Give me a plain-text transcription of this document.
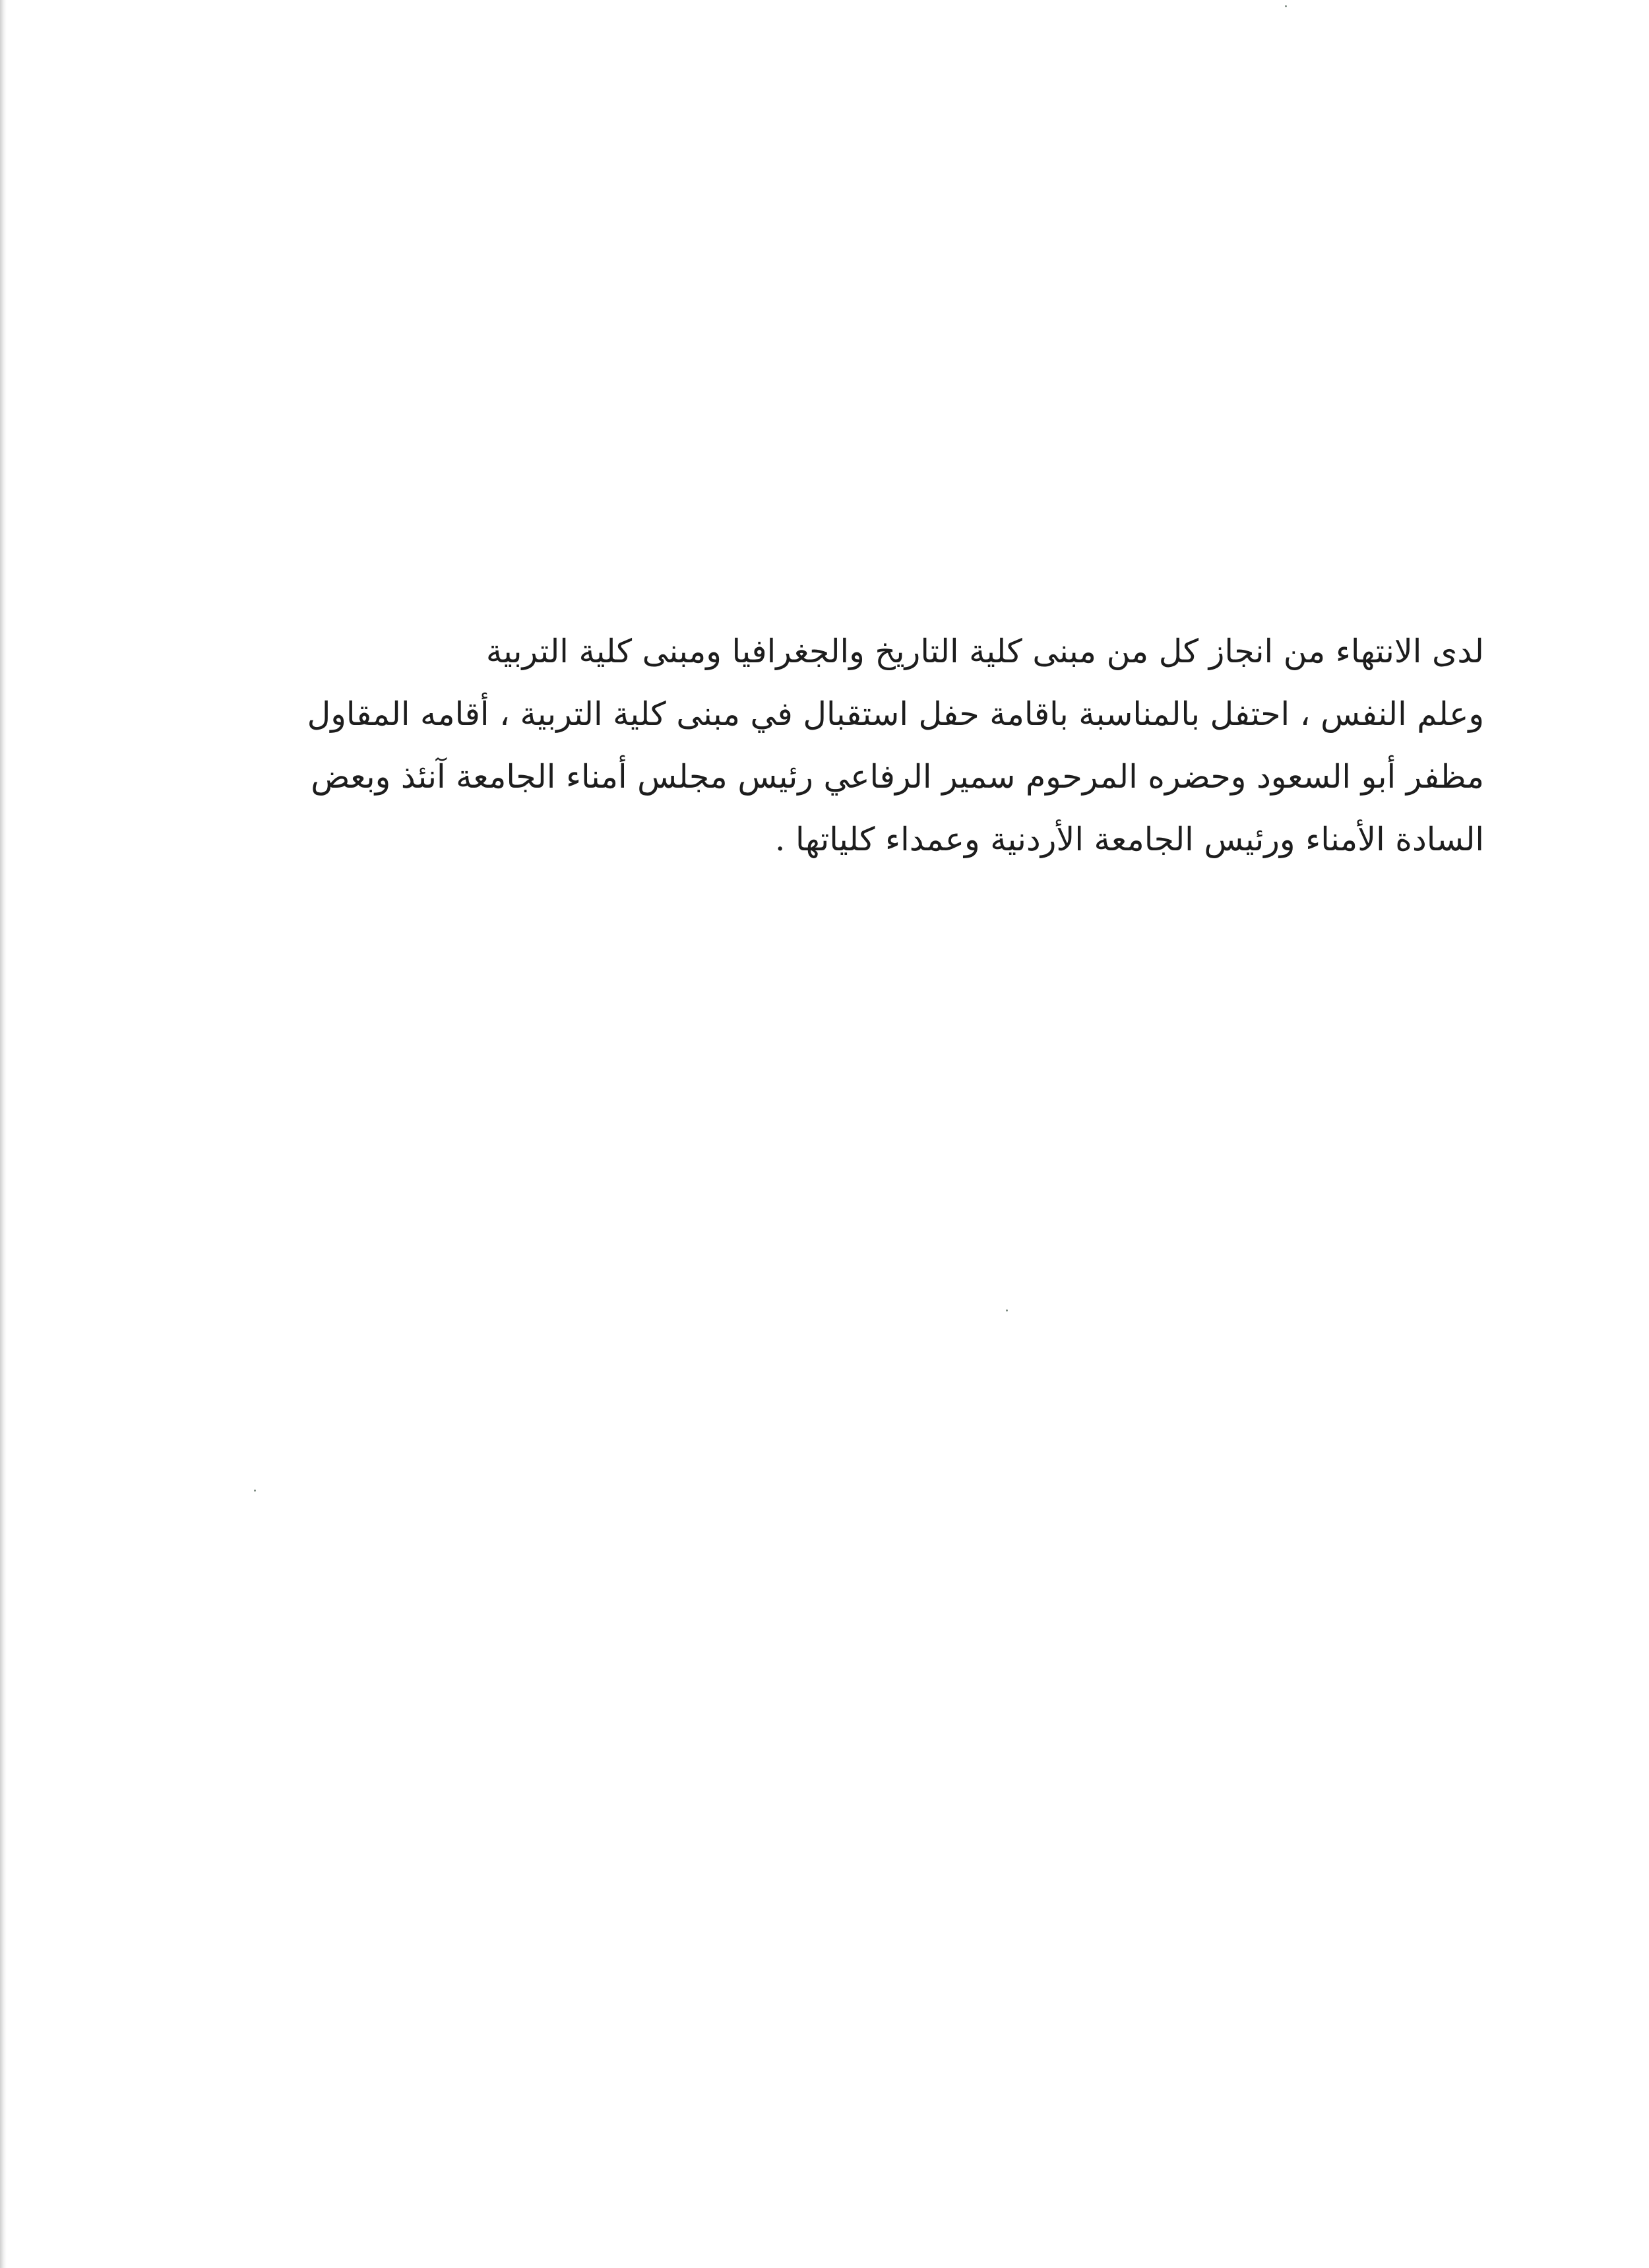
لدى الانتهاء من انجاز كل من مبنى كلية التاريخ والجغرافيا ومبنى كلية التربية
وعلم النفس ، احتفل بالمناسبة باقامة حفل استقبال في مبنى كلية التربية ، أقامه المقاول
مظفر أبو السعود وحضره المرحوم سمير الرفاعي رئيس مجلس أمناء الجامعة آنئذ وبعض
السادة الأمناء ورئيس الجامعة الأردنية وعمداء كلياتها .
